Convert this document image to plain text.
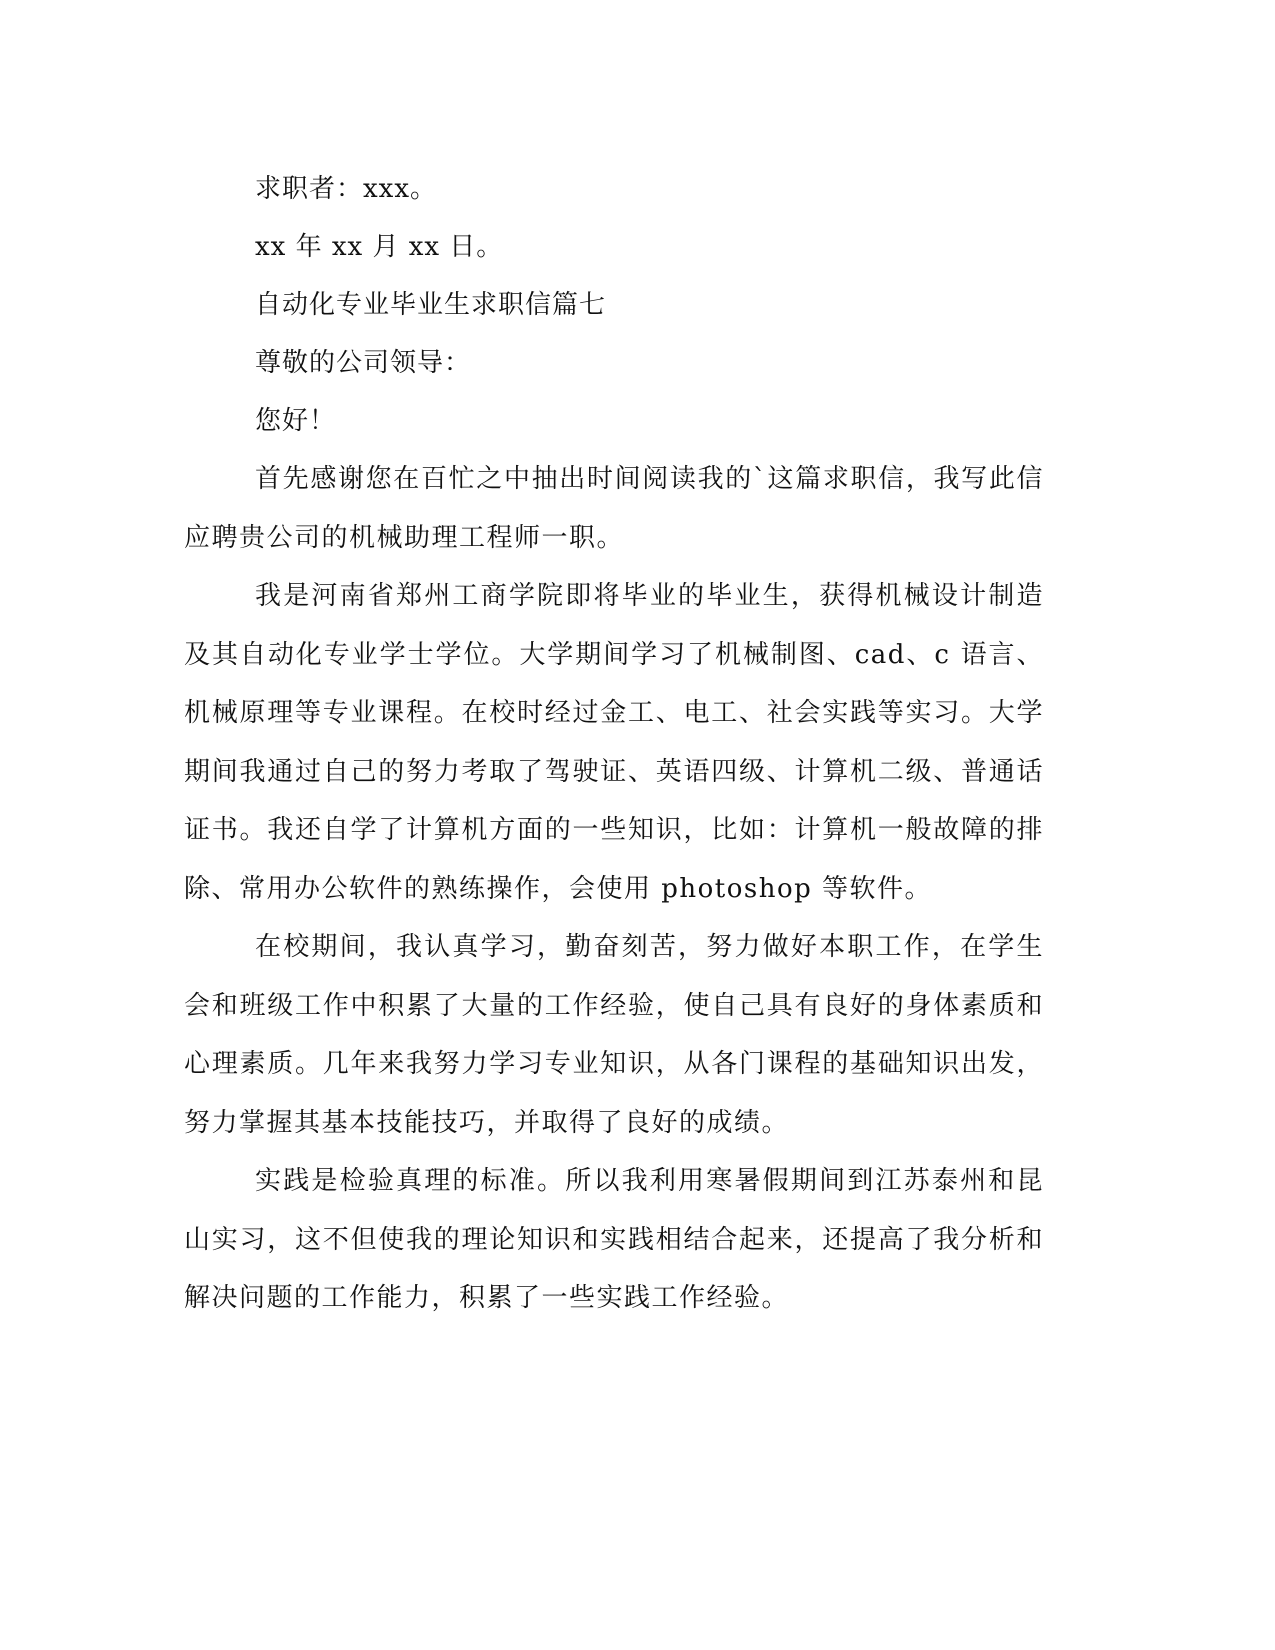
求职者：xxx。
xx 年 xx 月 xx 日。
自动化专业毕业生求职信篇七
尊敬的公司领导：
您好！

首先感谢您在百忙之中抽出时间阅读我的`这篇求职信，我写此信应聘贵公司的机械助理工程师一职。

我是河南省郑州工商学院即将毕业的毕业生，获得机械设计制造及其自动化专业学士学位。大学期间学习了机械制图、cad、c 语言、机械原理等专业课程。在校时经过金工、电工、社会实践等实习。大学期间我通过自己的努力考取了驾驶证、英语四级、计算机二级、普通话证书。我还自学了计算机方面的一些知识，比如：计算机一般故障的排除、常用办公软件的熟练操作，会使用 photoshop 等软件。

在校期间，我认真学习，勤奋刻苦，努力做好本职工作，在学生会和班级工作中积累了大量的工作经验，使自己具有良好的身体素质和心理素质。几年来我努力学习专业知识，从各门课程的基础知识出发，努力掌握其基本技能技巧，并取得了良好的成绩。

实践是检验真理的标准。所以我利用寒暑假期间到江苏泰州和昆山实习，这不但使我的理论知识和实践相结合起来，还提高了我分析和解决问题的工作能力，积累了一些实践工作经验。
